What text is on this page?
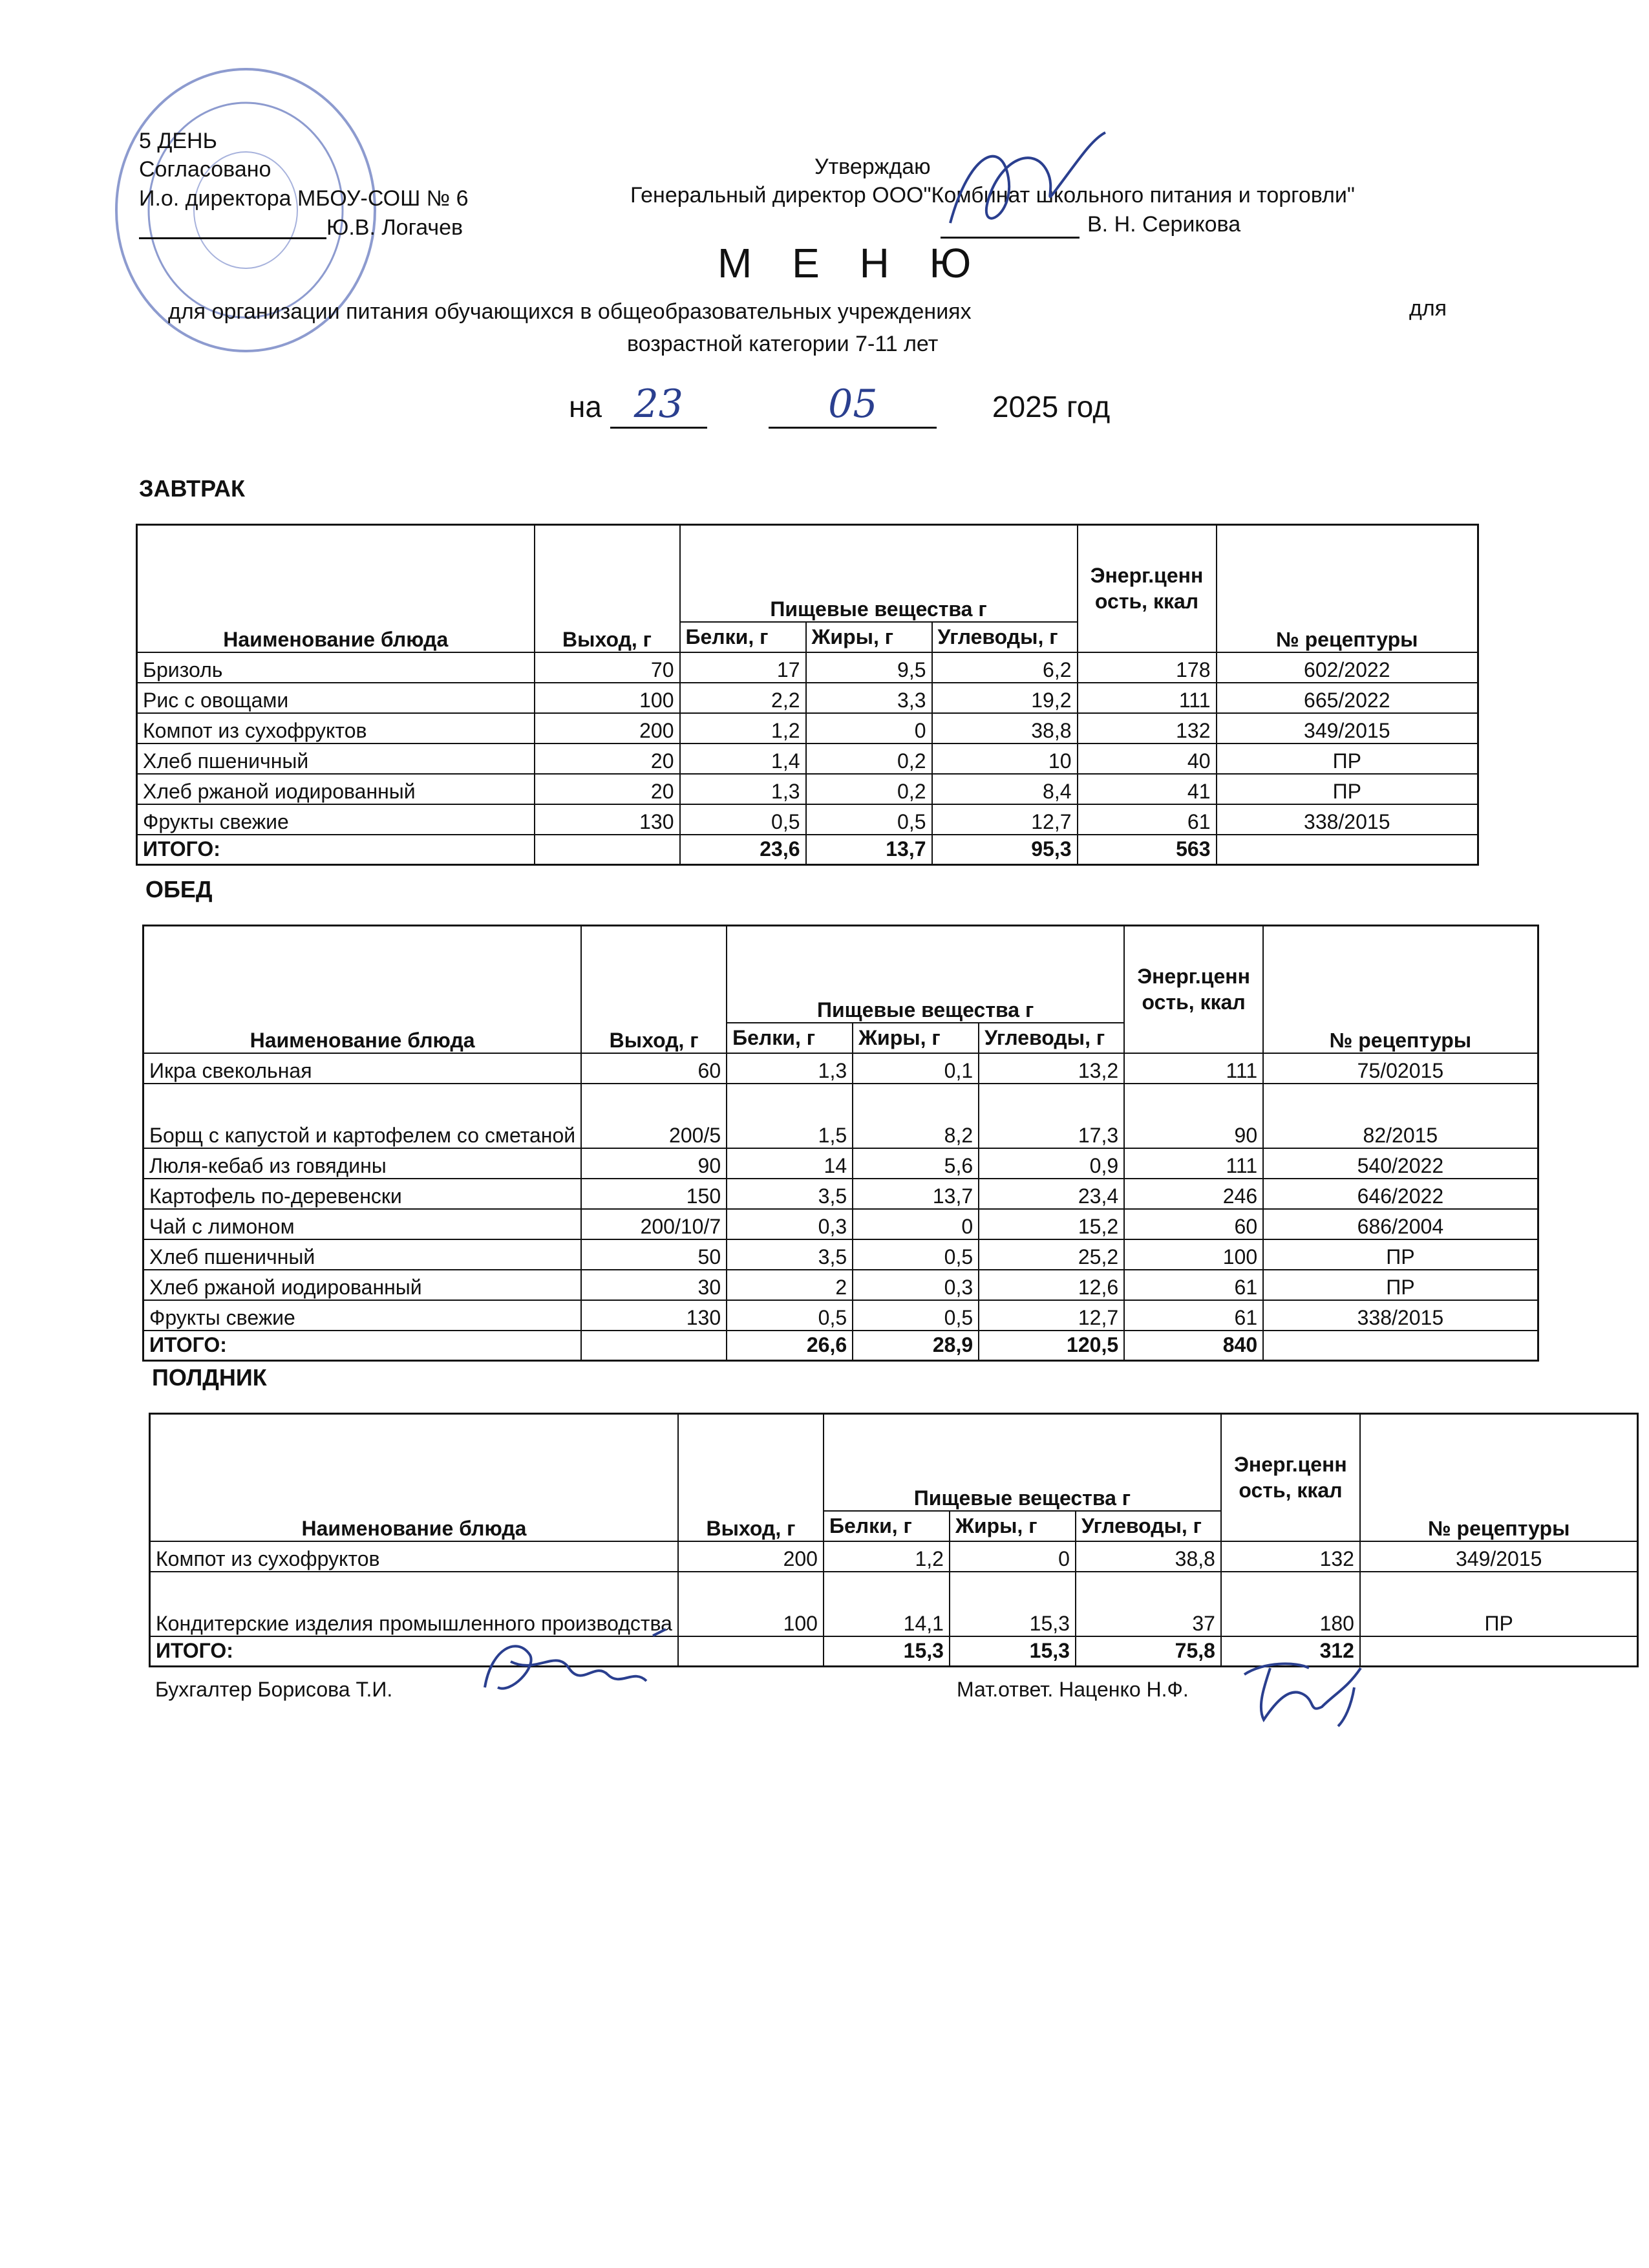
5 ДЕНЬ
Согласовано
И.о. директора МБОУ-СОШ № 6
Ю.В. Логачев
Утверждаю
Генеральный директор ООО"Комбинат школьного питания и торговли"
В. Н. Серикова
М Е Н Ю
для организации питания обучающихся в общеобразовательных учреждениях	для
возрастной категории 7-11 лет
на 23	05	2025 год
ЗАВТРАК
Наименование блюда	Выход, г	Пищевые вещества г			Энерг.ценн ость, ккал	№ рецептуры
		Белки, г	Жиры, г	Углеводы, г		
Бризоль	70	17	9,5	6,2	178	602/2022
Рис с овощами	100	2,2	3,3	19,2	111	665/2022
Компот из сухофруктов	200	1,2	0	38,8	132	349/2015
Хлеб пшеничный	20	1,4	0,2	10	40	ПР
Хлеб ржаной иодированный	20	1,3	0,2	8,4	41	ПР
Фрукты свежие	130	0,5	0,5	12,7	61	338/2015
ИТОГО:		23,6	13,7	95,3	563	
ОБЕД
Наименование блюда	Выход, г	Пищевые вещества г			Энерг.ценн ость, ккал	№ рецептуры
		Белки, г	Жиры, г	Углеводы, г		
Икра свекольная	60	1,3	0,1	13,2	111	75/02015
Борщ с капустой и картофелем со сметаной	200/5	1,5	8,2	17,3	90	82/2015
Люля-кебаб из говядины	90	14	5,6	0,9	111	540/2022
Картофель по-деревенски	150	3,5	13,7	23,4	246	646/2022
Чай с лимоном	200/10/7	0,3	0	15,2	60	686/2004
Хлеб пшеничный	50	3,5	0,5	25,2	100	ПР
Хлеб ржаной иодированный	30	2	0,3	12,6	61	ПР
Фрукты свежие	130	0,5	0,5	12,7	61	338/2015
ИТОГО:		26,6	28,9	120,5	840	
ПОЛДНИК
Наименование блюда	Выход, г	Пищевые вещества г			Энерг.ценн ость, ккал	№ рецептуры
		Белки, г	Жиры, г	Углеводы, г		
Компот из сухофруктов	200	1,2	0	38,8	132	349/2015
Кондитерские изделия промышленного производства	100	14,1	15,3	37	180	ПР
ИТОГО:		15,3	15,3	75,8	312	
Бухгалтер Борисова Т.И.	Мат.ответ. Наценко Н.Ф.
